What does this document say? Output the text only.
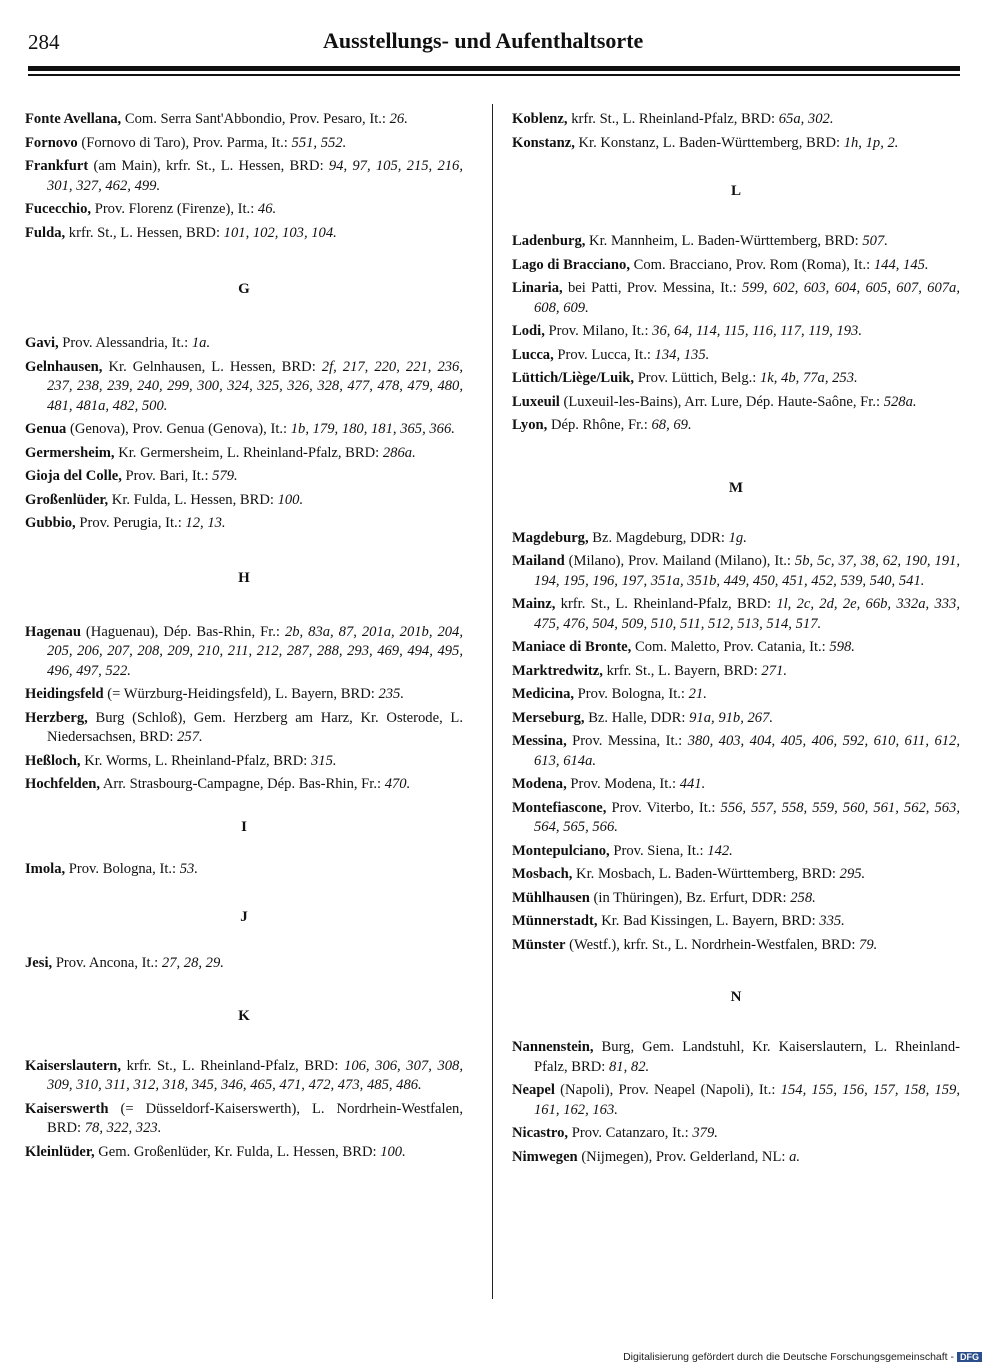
284	Ausstellungs- und Aufenthaltsorte
Fonte Avellana, Com. Serra Sant'Abbondio, Prov. Pesaro, It.: 26.
Fornovo (Fornovo di Taro), Prov. Parma, It.: 551, 552.
Frankfurt (am Main), krfr. St., L. Hessen, BRD: 94, 97, 105, 215, 216, 301, 327, 462, 499.
Fucecchio, Prov. Florenz (Firenze), It.: 46.
Fulda, krfr. St., L. Hessen, BRD: 101, 102, 103, 104.
G
Gavi, Prov. Alessandria, It.: 1a.
Gelnhausen, Kr. Gelnhausen, L. Hessen, BRD: 2f, 217, 220, 221, 236, 237, 238, 239, 240, 299, 300, 324, 325, 326, 328, 477, 478, 479, 480, 481, 481a, 482, 500.
Genua (Genova), Prov. Genua (Genova), It.: 1b, 179, 180, 181, 365, 366.
Germersheim, Kr. Germersheim, L. Rheinland-Pfalz, BRD: 286a.
Gioja del Colle, Prov. Bari, It.: 579.
Großenlüder, Kr. Fulda, L. Hessen, BRD: 100.
Gubbio, Prov. Perugia, It.: 12, 13.
H
Hagenau (Haguenau), Dép. Bas-Rhin, Fr.: 2b, 83a, 87, 201a, 201b, 204, 205, 206, 207, 208, 209, 210, 211, 212, 287, 288, 293, 469, 494, 495, 496, 497, 522.
Heidingsfeld (= Würzburg-Heidingsfeld), L. Bayern, BRD: 235.
Herzberg, Burg (Schloß), Gem. Herzberg am Harz, Kr. Osterode, L. Niedersachsen, BRD: 257.
Heßloch, Kr. Worms, L. Rheinland-Pfalz, BRD: 315.
Hochfelden, Arr. Strasbourg-Campagne, Dép. Bas-Rhin, Fr.: 470.
I
Imola, Prov. Bologna, It.: 53.
J
Jesi, Prov. Ancona, It.: 27, 28, 29.
K
Kaiserslautern, krfr. St., L. Rheinland-Pfalz, BRD: 106, 306, 307, 308, 309, 310, 311, 312, 318, 345, 346, 465, 471, 472, 473, 485, 486.
Kaiserswerth (= Düsseldorf-Kaiserswerth), L. Nordrhein-Westfalen, BRD: 78, 322, 323.
Kleinlüder, Gem. Großenlüder, Kr. Fulda, L. Hessen, BRD: 100.
Koblenz, krfr. St., L. Rheinland-Pfalz, BRD: 65a, 302.
Konstanz, Kr. Konstanz, L. Baden-Württemberg, BRD: 1h, 1p, 2.
L
Ladenburg, Kr. Mannheim, L. Baden-Württemberg, BRD: 507.
Lago di Bracciano, Com. Bracciano, Prov. Rom (Roma), It.: 144, 145.
Linaria, bei Patti, Prov. Messina, It.: 599, 602, 603, 604, 605, 607, 607a, 608, 609.
Lodi, Prov. Milano, It.: 36, 64, 114, 115, 116, 117, 119, 193.
Lucca, Prov. Lucca, It.: 134, 135.
Lüttich/Liège/Luik, Prov. Lüttich, Belg.: 1k, 4b, 77a, 253.
Luxeuil (Luxeuil-les-Bains), Arr. Lure, Dép. Haute-Saône, Fr.: 528a.
Lyon, Dép. Rhône, Fr.: 68, 69.
M
Magdeburg, Bz. Magdeburg, DDR: 1g.
Mailand (Milano), Prov. Mailand (Milano), It.: 5b, 5c, 37, 38, 62, 190, 191, 194, 195, 196, 197, 351a, 351b, 449, 450, 451, 452, 539, 540, 541.
Mainz, krfr. St., L. Rheinland-Pfalz, BRD: 1l, 2c, 2d, 2e, 66b, 332a, 333, 475, 476, 504, 509, 510, 511, 512, 513, 514, 517.
Maniace di Bronte, Com. Maletto, Prov. Catania, It.: 598.
Marktredwitz, krfr. St., L. Bayern, BRD: 271.
Medicina, Prov. Bologna, It.: 21.
Merseburg, Bz. Halle, DDR: 91a, 91b, 267.
Messina, Prov. Messina, It.: 380, 403, 404, 405, 406, 592, 610, 611, 612, 613, 614a.
Modena, Prov. Modena, It.: 441.
Montefiascone, Prov. Viterbo, It.: 556, 557, 558, 559, 560, 561, 562, 563, 564, 565, 566.
Montepulciano, Prov. Siena, It.: 142.
Mosbach, Kr. Mosbach, L. Baden-Württemberg, BRD: 295.
Mühlhausen (in Thüringen), Bz. Erfurt, DDR: 258.
Münnerstadt, Kr. Bad Kissingen, L. Bayern, BRD: 335.
Münster (Westf.), krfr. St., L. Nordrhein-Westfalen, BRD: 79.
N
Nannenstein, Burg, Gem. Landstuhl, Kr. Kaiserslautern, L. Rheinland-Pfalz, BRD: 81, 82.
Neapel (Napoli), Prov. Neapel (Napoli), It.: 154, 155, 156, 157, 158, 159, 161, 162, 163.
Nicastro, Prov. Catanzaro, It.: 379.
Nimwegen (Nijmegen), Prov. Gelderland, NL: a.
Digitalisierung gefördert durch die Deutsche Forschungsgemeinschaft - DFG
